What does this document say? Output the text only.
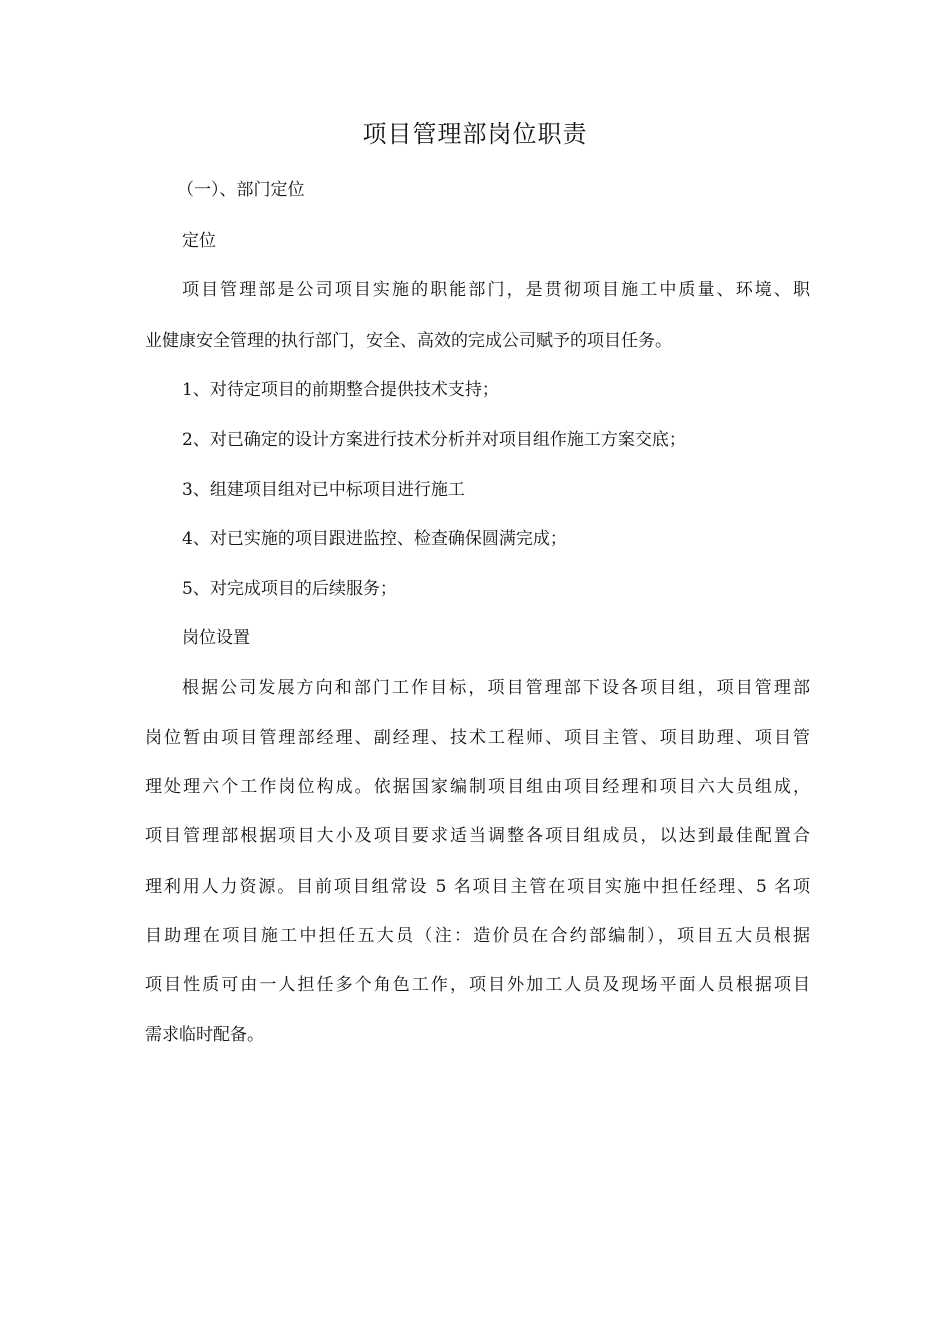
项目管理部岗位职责
（一）、部门定位
定位
项目管理部是公司项目实施的职能部门，是贯彻项目施工中质量、环境、职
业健康安全管理的执行部门，安全、高效的完成公司赋予的项目任务。
1、对待定项目的前期整合提供技术支持；
2、对已确定的设计方案进行技术分析并对项目组作施工方案交底；
3、组建项目组对已中标项目进行施工
4、对已实施的项目跟进监控、检查确保圆满完成；
5、对完成项目的后续服务；
岗位设置
根据公司发展方向和部门工作目标，项目管理部下设各项目组，项目管理部
岗位暂由项目管理部经理、副经理、技术工程师、项目主管、项目助理、项目管
理处理六个工作岗位构成。依据国家编制项目组由项目经理和项目六大员组成，
项目管理部根据项目大小及项目要求适当调整各项目组成员，以达到最佳配置合
理利用人力资源。目前项目组常设 5 名项目主管在项目实施中担任经理、5 名项
目助理在项目施工中担任五大员（注：造价员在合约部编制），项目五大员根据
项目性质可由一人担任多个角色工作，项目外加工人员及现场平面人员根据项目
需求临时配备。
